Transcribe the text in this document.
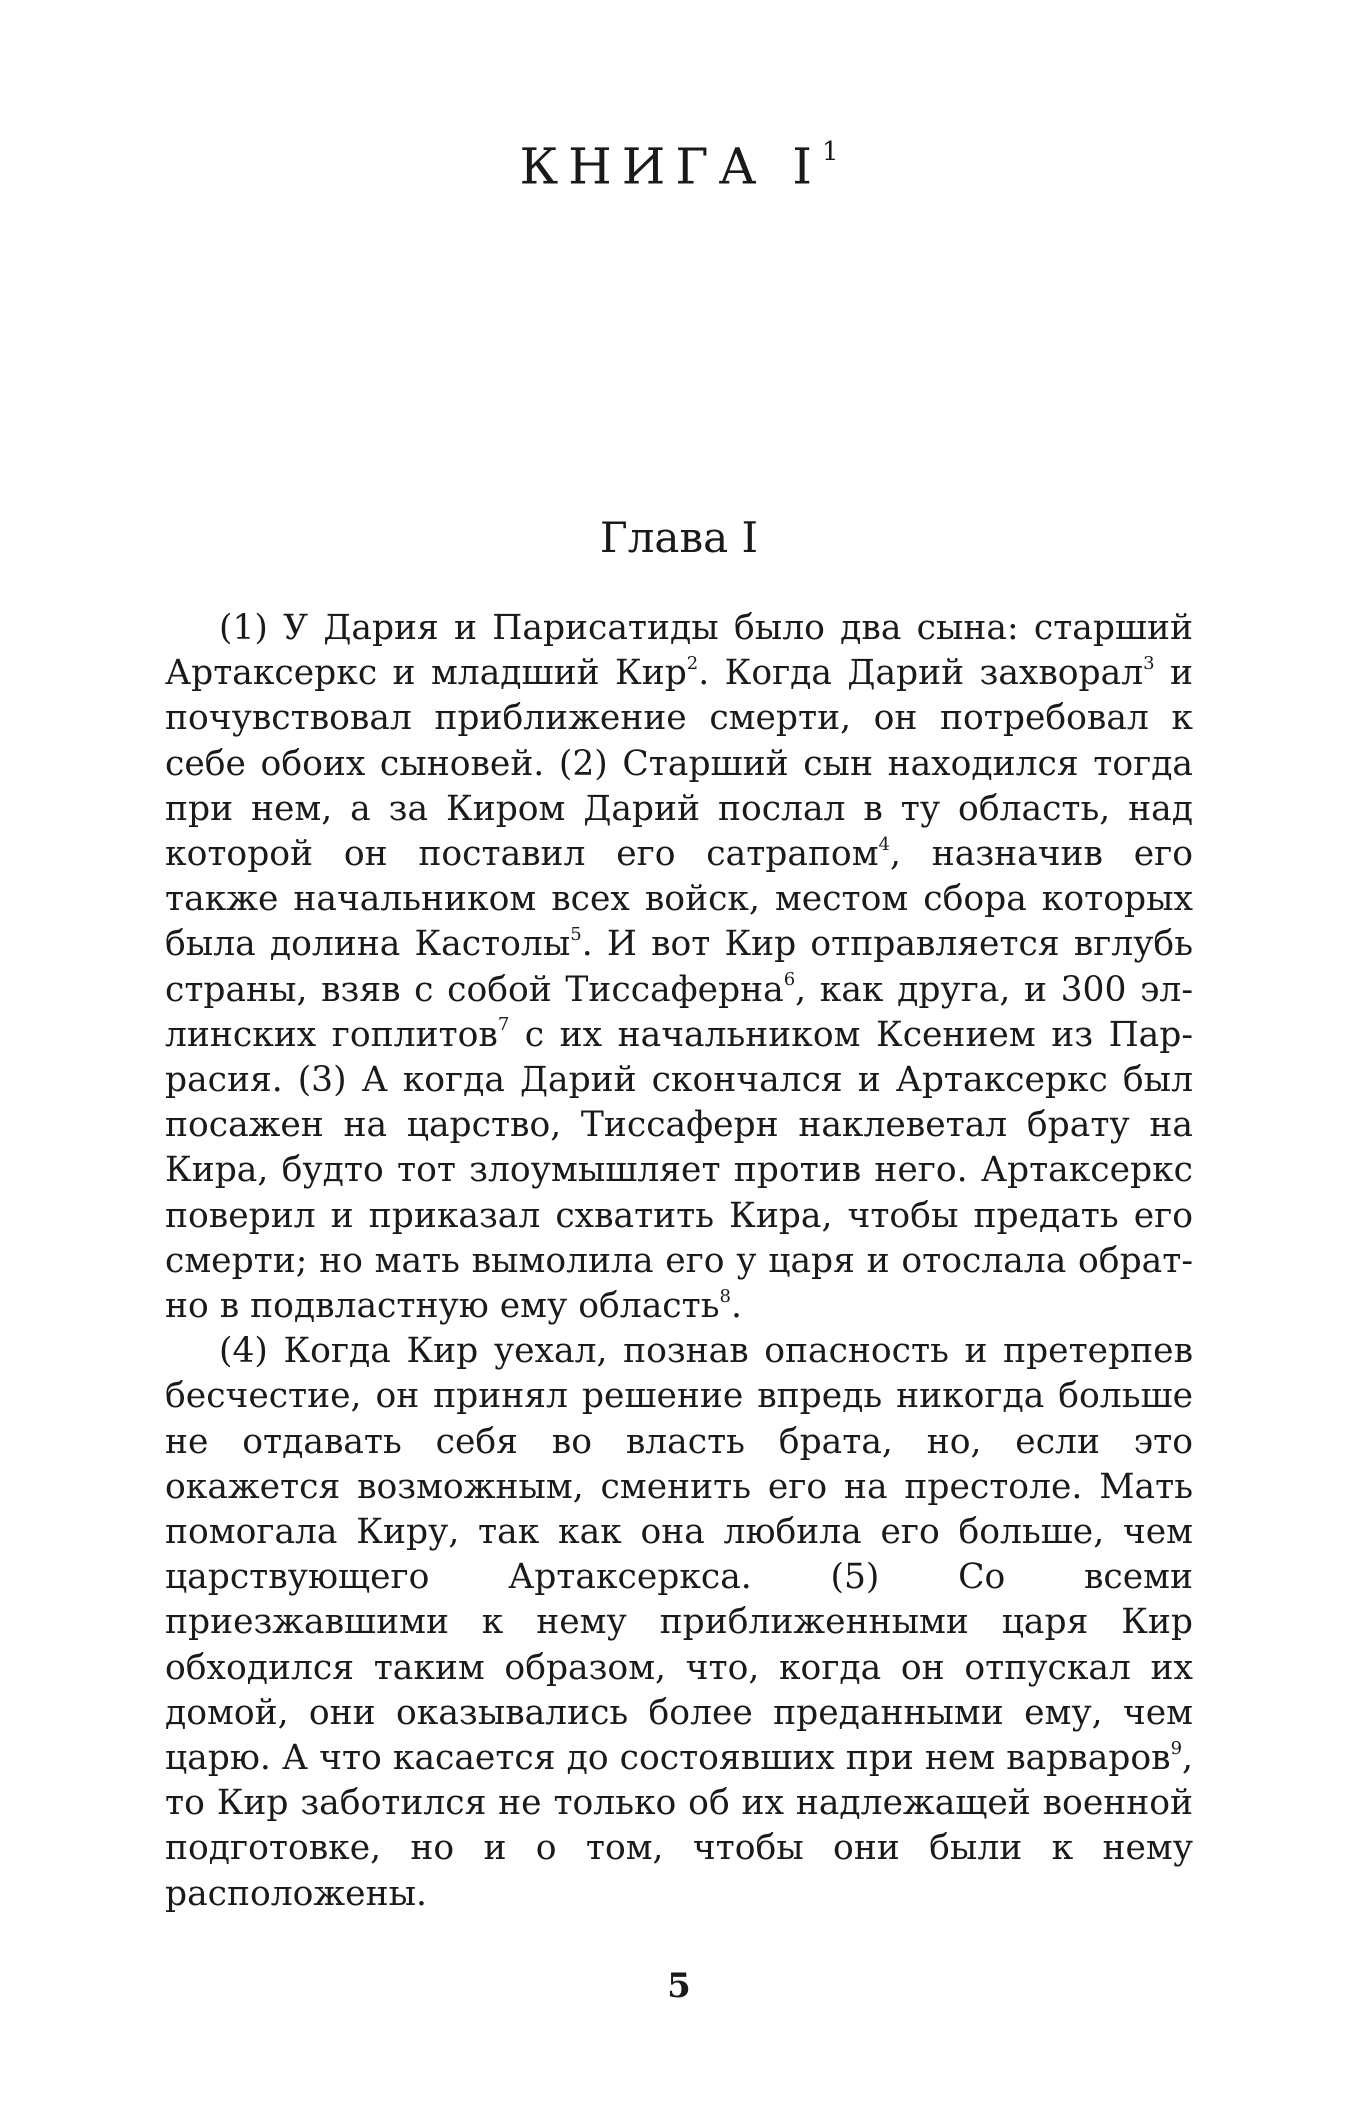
КНИГА $I^1$
Глава I

(1) У Дария и Парисатиды было два сына: старший Артаксеркс и младший Кир$^2$. Когда Дарий захворал$^3$ и почувствовал приближение смерти, он потребовал к себе обоих сыновей. (2) Старший сын находился тогда при нем, а за Киром Дарий послал в ту область, над которой он поставил его сатрапом$^4$, назначив его также начальником всех войск, местом сбора которых была долина Кастолы$^5$. И вот Кир отправляется вглубь страны, взяв с собой Тиссаферна$^6$, как друга, и 300 эллинских гоплитов$^7$ с их начальником Ксением из Паррасия. (3) А когда Дарий скончался и Артаксеркс был посажен на царство, Тиссаферн наклеветал брату на Кира, будто тот злоумышляет против него. Артаксеркс поверил и приказал схватить Кира, чтобы предать его смерти; но мать вымолила его у царя и отослала обратно в подвластную ему область$^8$.

(4) Когда Кир уехал, познав опасность и претерпев бесчестие, он принял решение впредь никогда больше не отдавать себя во власть брата, но, если это окажется возможным, сменить его на престоле. Мать помогала Киру, так как она любила его больше, чем царствующего Артаксеркса. (5) Со всеми приезжавшими к нему приближенными царя Кир обходился таким образом, что, когда он отпускал их домой, они оказывались более преданными ему, чем царю. А что касается до состоявших при нем варваров$^9$, то Кир заботился не только об их надлежащей военной подготовке, но и о том, чтобы они были к нему расположены.

5
